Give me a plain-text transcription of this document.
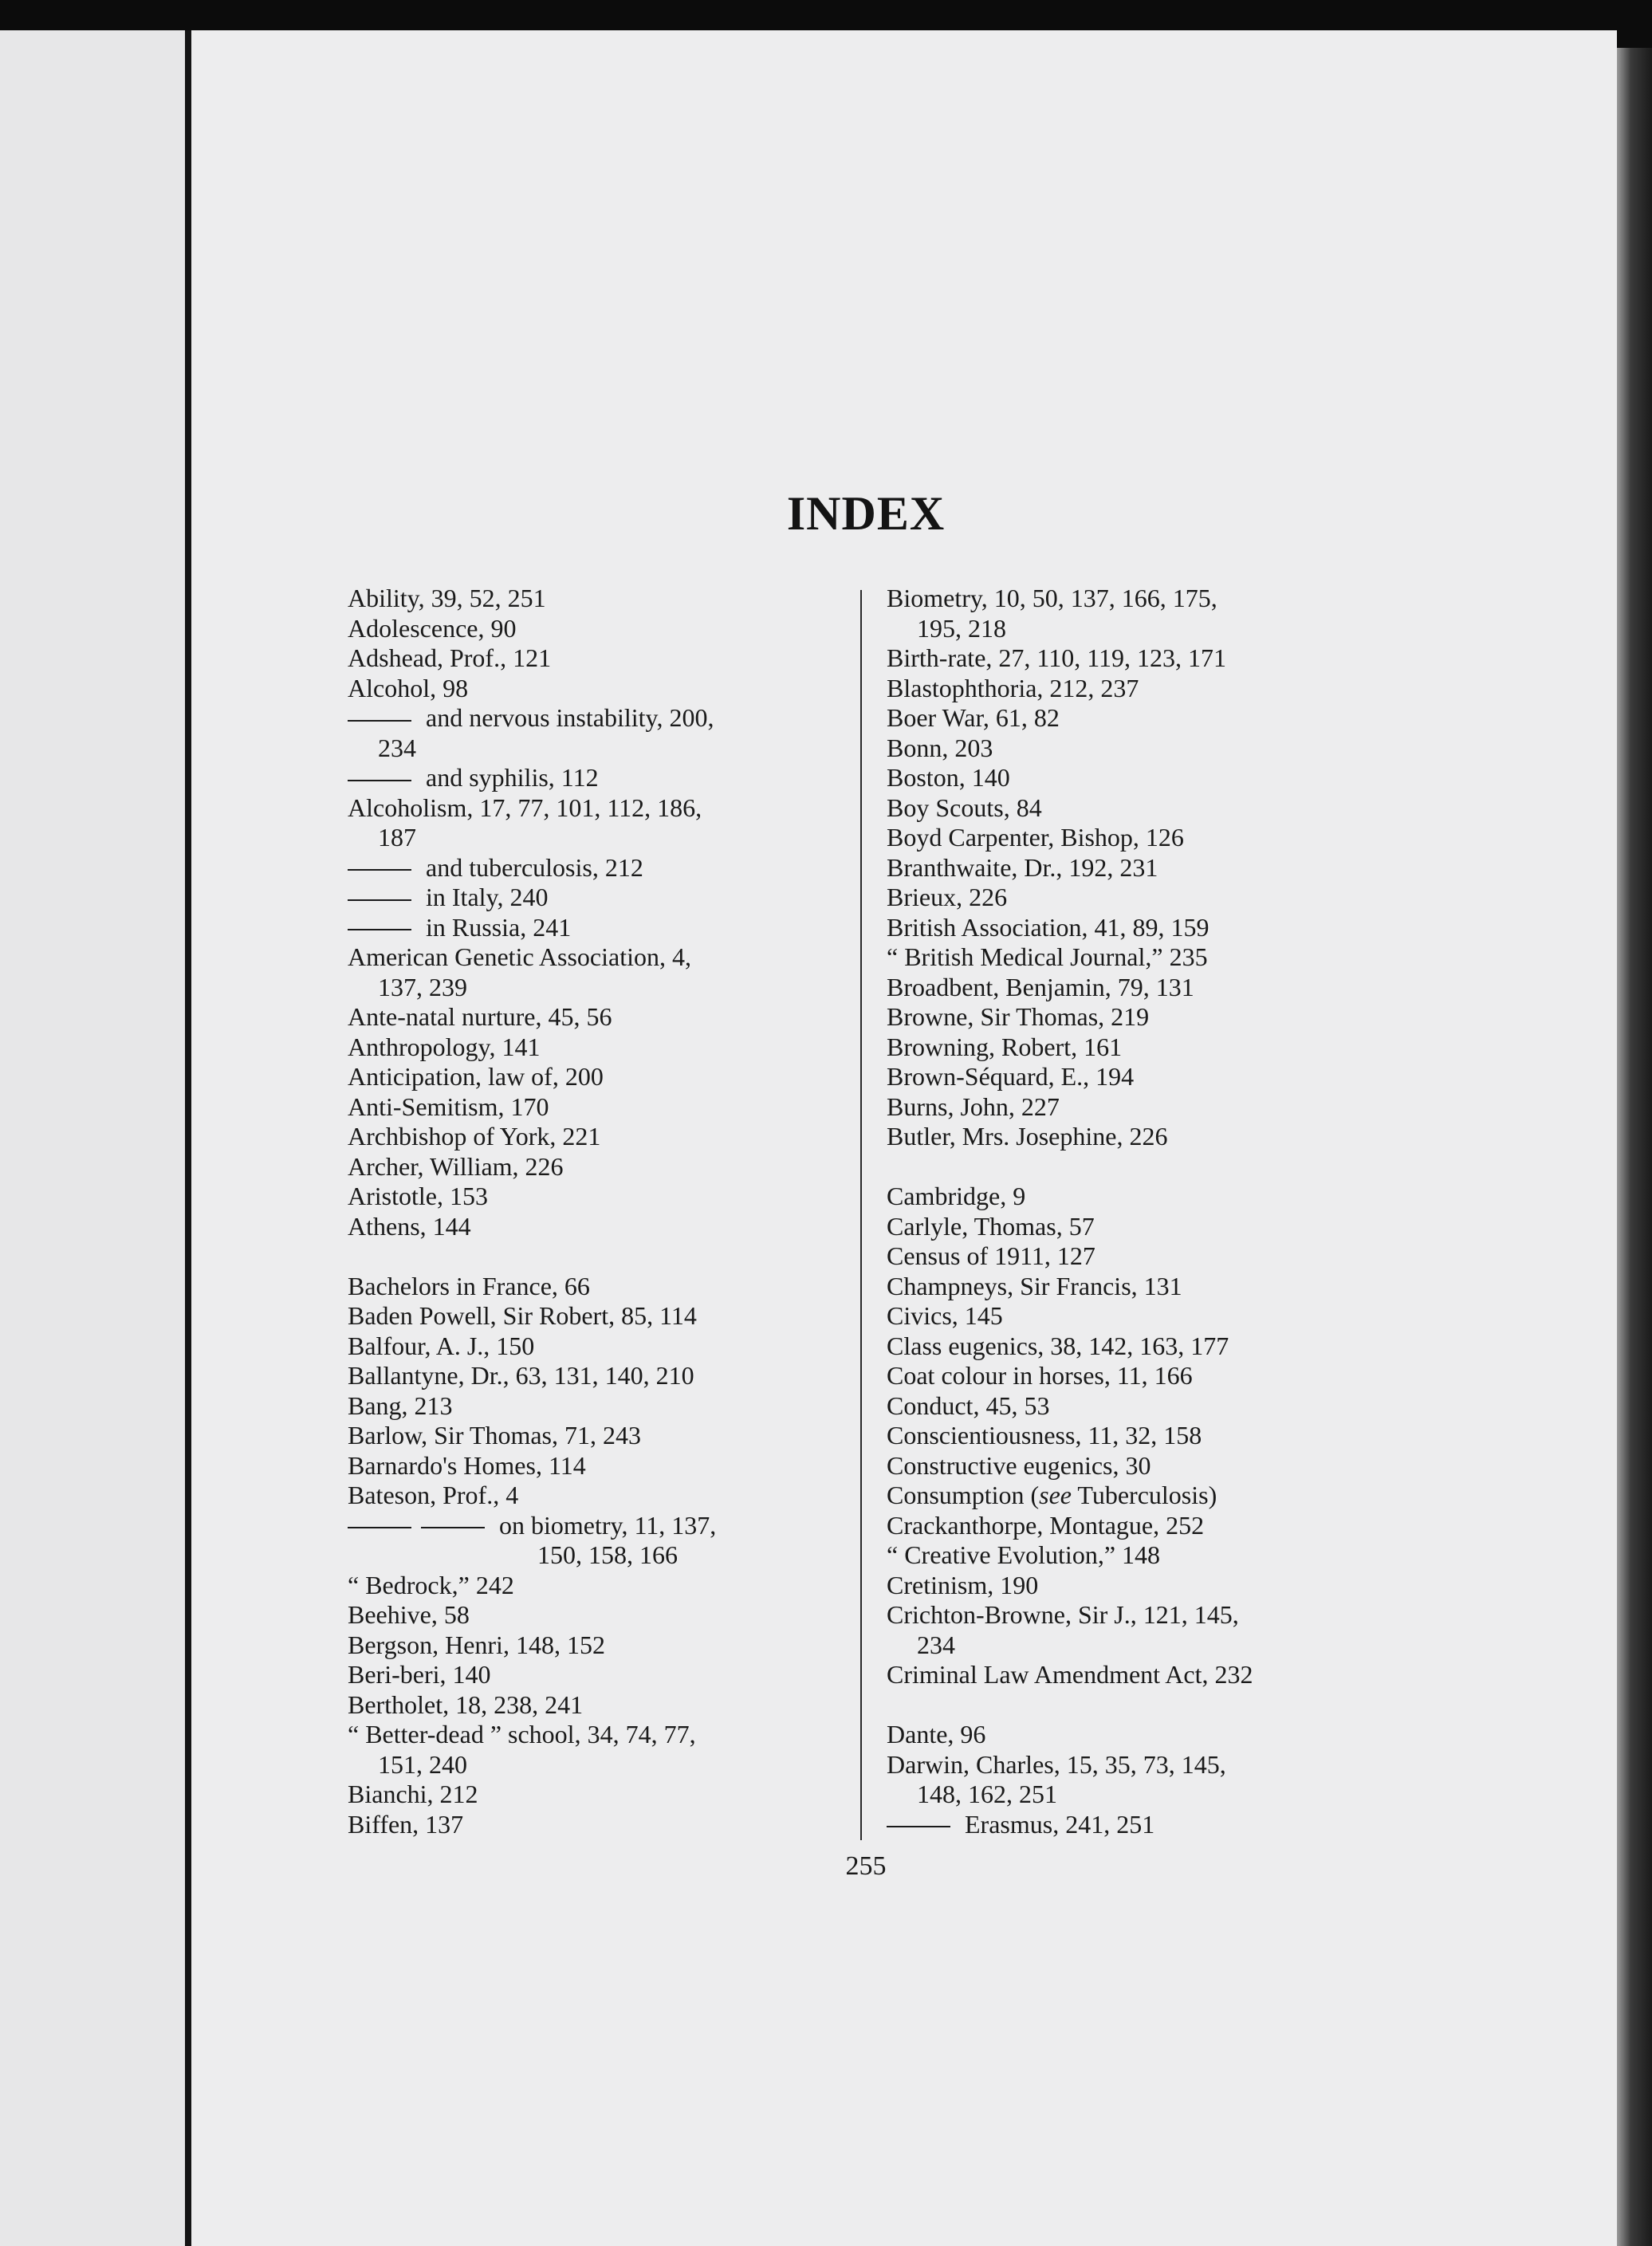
INDEX
Ability, 39, 52, 251
Adolescence, 90
Adshead, Prof., 121
Alcohol, 98
and nervous instability, 200,
234
and syphilis, 112
Alcoholism, 17, 77, 101, 112, 186,
187
and tuberculosis, 212
in Italy, 240
in Russia, 241
American Genetic Association, 4,
137, 239
Ante-natal nurture, 45, 56
Anthropology, 141
Anticipation, law of, 200
Anti-Semitism, 170
Archbishop of York, 221
Archer, William, 226
Aristotle, 153
Athens, 144
Bachelors in France, 66
Baden Powell, Sir Robert, 85, 114
Balfour, A. J., 150
Ballantyne, Dr., 63, 131, 140, 210
Bang, 213
Barlow, Sir Thomas, 71, 243
Barnardo's Homes, 114
Bateson, Prof., 4
on biometry, 11, 137,
150, 158, 166
“ Bedrock,” 242
Beehive, 58
Bergson, Henri, 148, 152
Beri-beri, 140
Bertholet, 18, 238, 241
“ Better-dead ” school, 34, 74, 77,
151, 240
Bianchi, 212
Biffen, 137
Biometry, 10, 50, 137, 166, 175,
195, 218
Birth-rate, 27, 110, 119, 123, 171
Blastophthoria, 212, 237
Boer War, 61, 82
Bonn, 203
Boston, 140
Boy Scouts, 84
Boyd Carpenter, Bishop, 126
Branthwaite, Dr., 192, 231
Brieux, 226
British Association, 41, 89, 159
“ British Medical Journal,” 235
Broadbent, Benjamin, 79, 131
Browne, Sir Thomas, 219
Browning, Robert, 161
Brown-Séquard, E., 194
Burns, John, 227
Butler, Mrs. Josephine, 226
Cambridge, 9
Carlyle, Thomas, 57
Census of 1911, 127
Champneys, Sir Francis, 131
Civics, 145
Class eugenics, 38, 142, 163, 177
Coat colour in horses, 11, 166
Conduct, 45, 53
Conscientiousness, 11, 32, 158
Constructive eugenics, 30
Consumption (see Tuberculosis)
Crackanthorpe, Montague, 252
“ Creative Evolution,” 148
Cretinism, 190
Crichton-Browne, Sir J., 121, 145,
234
Criminal Law Amendment Act, 232
Dante, 96
Darwin, Charles, 15, 35, 73, 145,
148, 162, 251
Erasmus, 241, 251
255
